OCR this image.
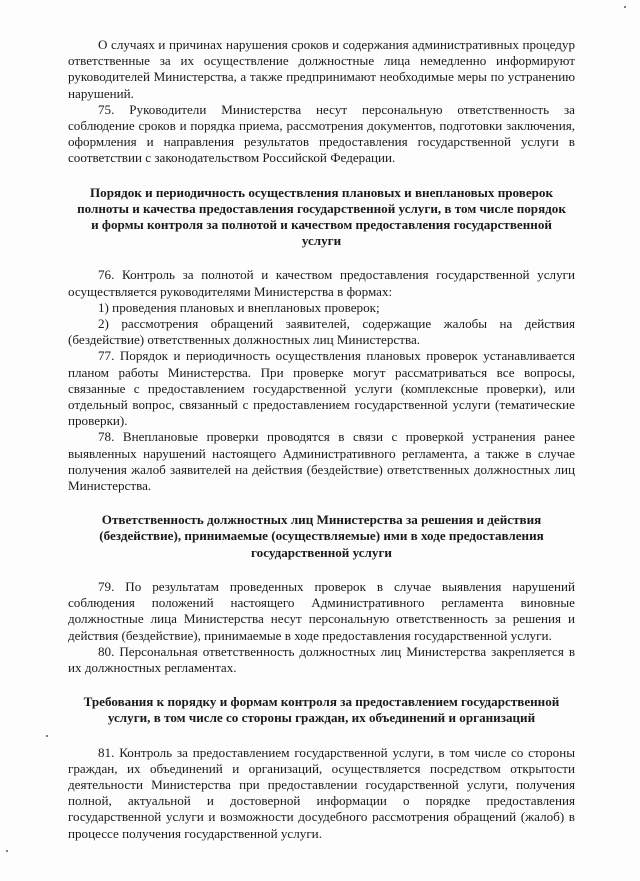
О случаях и причинах нарушения сроков и содержания административных процедур ответственные за их осуществление должностные лица немедленно информируют руководителей Министерства, а также предпринимают необходимые меры по устранению нарушений.

75. Руководители Министерства несут персональную ответственность за соблюдение сроков и порядка приема, рассмотрения документов, подготовки заключения, оформления и направления результатов предоставления государственной услуги в соответствии с законодательством Российской Федерации.

Порядок и периодичность осуществления плановых и внеплановых проверок полноты и качества предоставления государственной услуги, в том числе порядок и формы контроля за полнотой и качеством предоставления государственной услуги

76. Контроль за полнотой и качеством предоставления государственной услуги осуществляется руководителями Министерства в формах:

1) проведения плановых и внеплановых проверок;

2) рассмотрения обращений заявителей, содержащие жалобы на действия (бездействие) ответственных должностных лиц Министерства.

77. Порядок и периодичность осуществления плановых проверок устанавливается планом работы Министерства. При проверке могут рассматриваться все вопросы, связанные с предоставлением государственной услуги (комплексные проверки), или отдельный вопрос, связанный с предоставлением государственной услуги (тематические проверки).

78. Внеплановые проверки проводятся в связи с проверкой устранения ранее выявленных нарушений настоящего Административного регламента, а также в случае получения жалоб заявителей на действия (бездействие) ответственных должностных лиц Министерства.

Ответственность должностных лиц Министерства за решения и действия (бездействие), принимаемые (осуществляемые) ими в ходе предоставления государственной услуги

79. По результатам проведенных проверок в случае выявления нарушений соблюдения положений настоящего Административного регламента виновные должностные лица Министерства несут персональную ответственность за решения и действия (бездействие), принимаемые в ходе предоставления государственной услуги.

80. Персональная ответственность должностных лиц Министерства закрепляется в их должностных регламентах.

Требования к порядку и формам контроля за предоставлением государственной услуги, в том числе со стороны граждан, их объединений и организаций

81. Контроль за предоставлением государственной услуги, в том числе со стороны граждан, их объединений и организаций, осуществляется посредством открытости деятельности Министерства при предоставлении государственной услуги, получения полной, актуальной и достоверной информации о порядке предоставления государственной услуги и возможности досудебного рассмотрения обращений (жалоб) в процессе получения государственной услуги.
